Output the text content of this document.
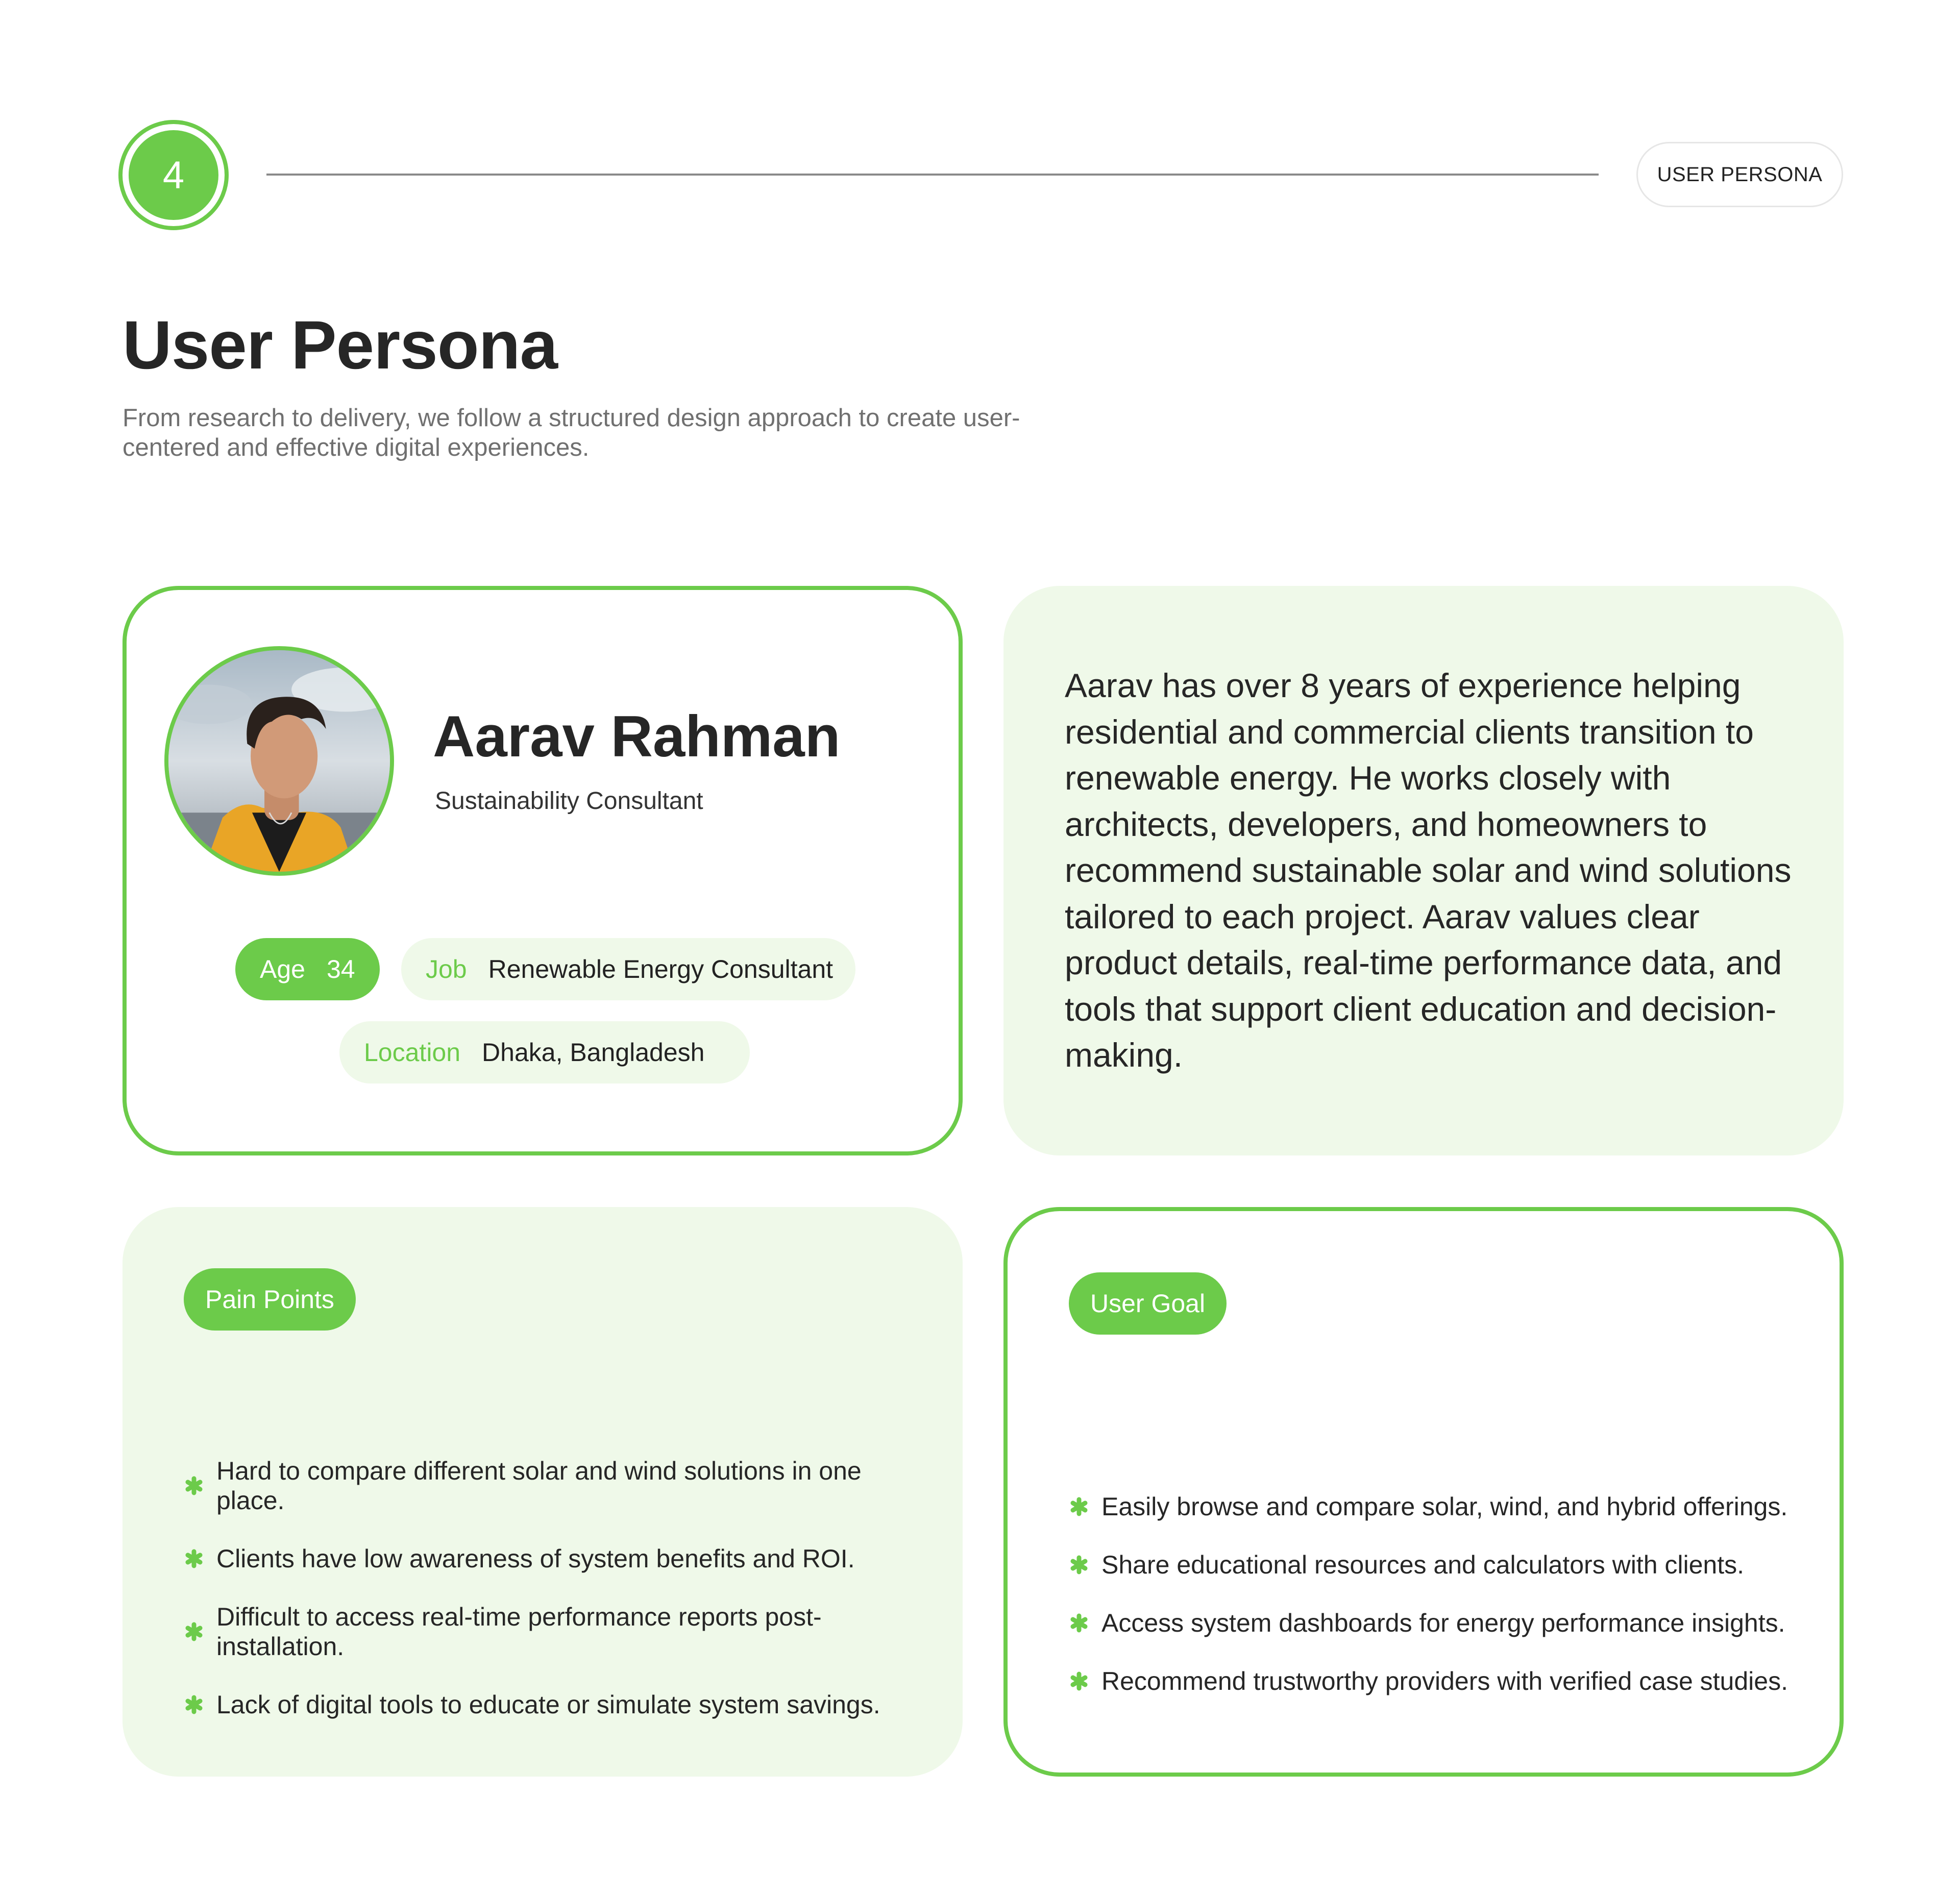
4	USER PERSONA
User Persona

From research to delivery, we follow a structured design approach to create user-centered and effective digital experiences.

Aarav Rahman
Sustainability Consultant
Age 34	Job Renewable Energy Consultant
Location Dhaka, Bangladesh

Aarav has over 8 years of experience helping residential and commercial clients transition to renewable energy. He works closely with architects, developers, and homeowners to recommend sustainable solar and wind solutions tailored to each project. Aarav values clear product details, real-time performance data, and tools that support client education and decision-making.

Pain Points
Hard to compare different solar and wind solutions in one place.
Clients have low awareness of system benefits and ROI.
Difficult to access real-time performance reports post-installation.
Lack of digital tools to educate or simulate system savings.
User Goal
Easily browse and compare solar, wind, and hybrid offerings.
Share educational resources and calculators with clients.
Access system dashboards for energy performance insights.
Recommend trustworthy providers with verified case studies.
